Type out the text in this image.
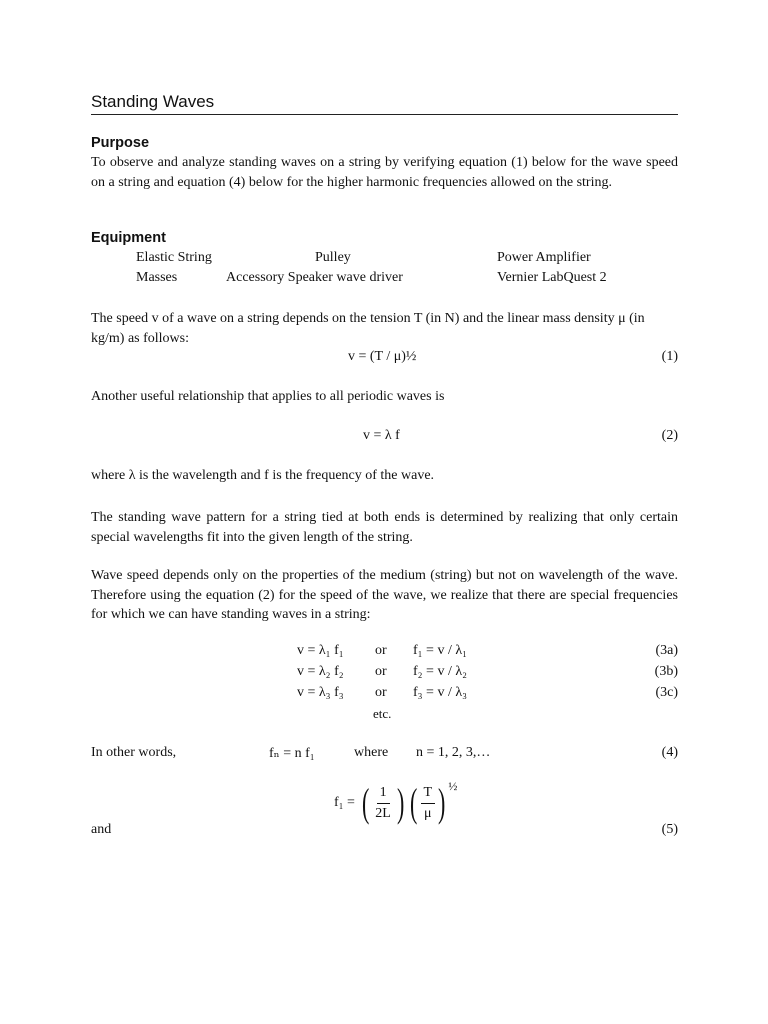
Standing Waves
Purpose
To observe and analyze standing waves on a string by verifying equation (1) below for the wave speed on a string and equation (4) below for the higher harmonic frequencies allowed on the string.
Equipment
Elastic String	Pulley	Power Amplifier
Masses	Accessory Speaker wave driver	Vernier LabQuest 2
The speed v of a wave on a string depends on the tension T (in N) and the linear mass density μ (in kg/m) as follows:
v = (T / μ)½	(1)
Another useful relationship that applies to all periodic waves is
v = λ f	(2)
where λ is the wavelength and f is the frequency of the wave.
The standing wave pattern for a string tied at both ends is determined by realizing that only certain special wavelengths fit into the given length of the string.
Wave speed depends only on the properties of the medium (string) but not on wavelength of the wave. Therefore using the equation (2) for the speed of the wave, we realize that there are special frequencies for which we can have standing waves in a string:
v = λ₁ f₁ or f₁ = v / λ₁	(3a)
v = λ₂ f₂ or f₂ = v / λ₂	(3b)
v = λ₃ f₃ or f₃ = v / λ₃	(3c)
etc.
In other words,	fₙ = n f₁	where n = 1, 2, 3,…	(4)
f₁ = ( $\frac{1}{2L}$ ) ( $\frac{T}{\mu}$ ) $^{\frac{1}{2}}$
and	(5)
